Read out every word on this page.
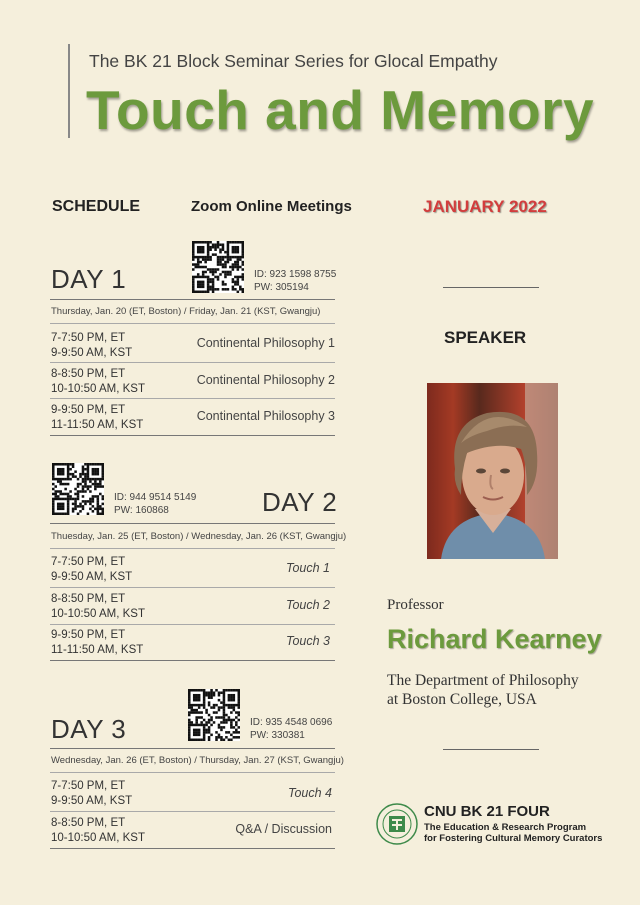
The BK 21 Block Seminar Series for Glocal Empathy
Touch and Memory
SCHEDULE	Zoom Online Meetings	JANUARY 2022
DAY 1	ID: 923 1598 8755
PW: 305194
Thursday, Jan. 20 (ET, Boston) / Friday, Jan. 21 (KST, Gwangju)
7-7:50 PM, ET
9-9:50 AM, KST
Continental Philosophy 1
8-8:50 PM, ET
10-10:50 AM, KST
Continental Philosophy 2
9-9:50 PM, ET
11-11:50 AM, KST
Continental Philosophy 3
ID: 944 9514 5149
PW: 160868	DAY 2
Thuesday, Jan. 25 (ET, Boston) / Wednesday, Jan. 26 (KST, Gwangju)
7-7:50 PM, ET
9-9:50 AM, KST
Touch 1
8-8:50 PM, ET
10-10:50 AM, KST
Touch 2
9-9:50 PM, ET
11-11:50 AM, KST
Touch 3
DAY 3	ID: 935 4548 0696
PW: 330381
Wednesday, Jan. 26 (ET, Boston) / Thursday, Jan. 27 (KST, Gwangju)
7-7:50 PM, ET
9-9:50 AM, KST
Touch 4
8-8:50 PM, ET
10-10:50 AM, KST
Q&A / Discussion
SPEAKER
Professor
Richard Kearney
The Department of Philosophy
at Boston College, USA
CNU BK 21 FOUR
The Education & Research Program
for Fostering Cultural Memory Curators
